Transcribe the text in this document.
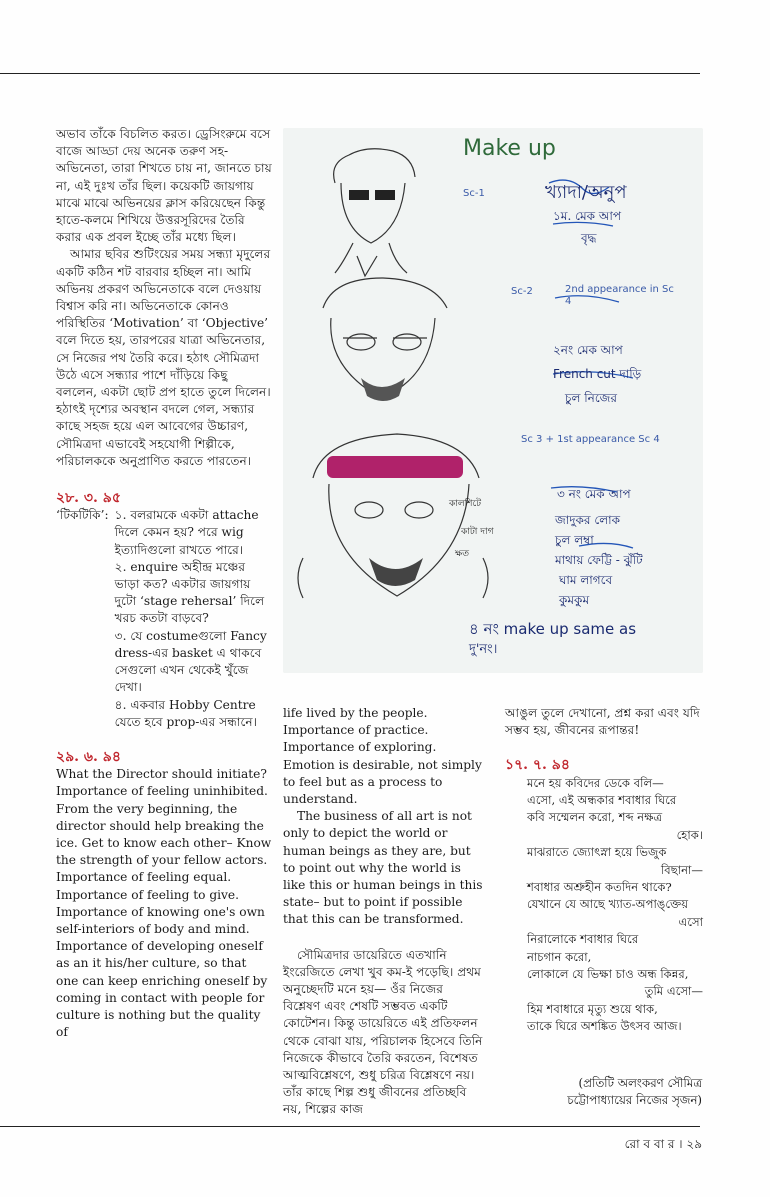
অভাব তাঁকে বিচলিত করত। ড্রেসিংরুমে বসে বাজে আড্ডা দেয় অনেক তরুণ সহ-অভিনেতা, তারা শিখতে চায় না, জানতে চায় না, এই দুঃখ তাঁর ছিল। কয়েকটি জায়গায় মাঝে মাঝে অভিনয়ের ক্লাস করিয়েছেন কিন্তু হাতে-কলমে শিখিয়ে উত্তরসূরিদের তৈরি করার এক প্রবল ইচ্ছে তাঁর মধ্যে ছিল।

আমার ছবির শুটিংয়ের সময় সন্ধ্যা মৃদুলের একটি কঠিন শট বারবার হচ্ছিল না। আমি অভিনয় প্রকরণ অভিনেতাকে বলে দেওয়ায় বিশ্বাস করি না। অভিনেতাকে কোনও পরিস্থিতির ‘Motivation’ বা ‘Objective’ বলে দিতে হয়, তারপরের যাত্রা অভিনেতার, সে নিজের পথ তৈরি করে। হঠাৎ সৌমিত্রদা উঠে এসে সন্ধ্যার পাশে দাঁড়িয়ে কিছু বললেন, একটা ছোট প্রপ হাতে তুলে দিলেন। হঠাৎই দৃশ্যের অবস্থান বদলে গেল, সন্ধ্যার কাছে সহজ হয়ে এল আবেগের উচ্চারণ, সৌমিত্রদা এভাবেই সহযোগী শিল্পীকে, পরিচালককে অনুপ্রাণিত করতে পারতেন।

২৮. ৩. ৯৫

‘টিকটিকি’: ১. বলরামকে একটা attache দিলে কেমন হয়? পরে wig ইত্যাদিগুলো রাখতে পারে।

২. enquire অহীন্দ্র মঞ্চের ভাড়া কত? একটার জায়গায় দুটো ‘stage rehersal’ দিলে খরচ কতটা বাড়বে?

৩. যে costumeগুলো Fancy dress-এর basket এ থাকবে সেগুলো এখন থেকেই খুঁজে দেখা।

৪. একবার Hobby Centre যেতে হবে prop-এর সন্ধানে।

২৯. ৬. ৯৪

What the Director should initiate? Importance of feeling uninhibited. From the very beginning, the director should help breaking the ice. Get to know each other– Know the strength of your fellow actors. Importance of feeling equal. Importance of feeling to give. Importance of knowing one's own self-interiors of body and mind. Importance of developing oneself as an it his/her culture, so that one can keep enriching oneself by coming in contact with people for culture is nothing but the quality of

Make up
Sc-1	খ্যাদা/অনুপ
১ম. মেক আপ
বৃদ্ধ
Sc-2	2nd appearance in Sc 4
২নং মেক আপ
French cut দাড়ি
চুল নিজের
Sc 3 + 1st appearance Sc 4
৩ নং মেক আপ
জাদুকর লোক
চুল লম্বা
মাথায় ফেট্টি - ঝুঁটি
ঘাম লাগবে
কুমকুম
কালশিটে
কাটা দাগ
ক্ষত
৪ নং make up same as
দু'নং।

life lived by the people. Importance of practice. Importance of exploring. Emotion is desirable, not simply to feel but as a process to understand.

The business of all art is not only to depict the world or human beings as they are, but to point out why the world is like this or human beings in this state– but to point if possible that this can be transformed.

সৌমিত্রদার ডায়েরিতে এতখানি ইংরেজিতে লেখা খুব কম-ই পড়েছি। প্রথম অনুচ্ছেদটি মনে হয়— ওঁর নিজের বিশ্লেষণ এবং শেষটি সম্ভবত একটি কোটেশন। কিন্তু ডায়েরিতে এই প্রতিফলন থেকে বোঝা যায়, পরিচালক হিসেবে তিনি নিজেকে কীভাবে তৈরি করতেন, বিশেষত আত্মবিশ্লেষণে, শুধু চরিত্র বিশ্লেষণে নয়। তাঁর কাছে শিল্প শুধু জীবনের প্রতিচ্ছবি নয়, শিল্পের কাজ

আঙুল তুলে দেখানো, প্রশ্ন করা এবং যদি সম্ভব হয়, জীবনের রূপান্তর!

১৭. ৭. ৯৪

মনে হয় কবিদের ডেকে বলি—
এসো, এই অন্ধকার শবাধার ঘিরে
কবি সম্মেলন করো, শব্দ নক্ষত্র
হোক।
মাঝরাতে জ্যোৎস্না হয়ে ভিজুক
বিছানা—
শবাধার অশ্রুহীন কতদিন থাকে?
যেখানে যে আছে খ্যাত-অপাঙ্‌ক্তেয়
এসো
নিরালোকে শবাধার ঘিরে
নাচগান করো,
লোকালে যে ভিক্ষা চাও অন্ধ কিন্নর,
তুমি এসো—
হিম শবাধারে মৃত্যু শুয়ে থাক,
তাকে ঘিরে অশঙ্কিত উৎসব আজ।
(প্রতিটি অলংকরণ সৌমিত্র চট্টোপাধ্যায়ের নিজের সৃজন)
রো ব বা র । ২৯
